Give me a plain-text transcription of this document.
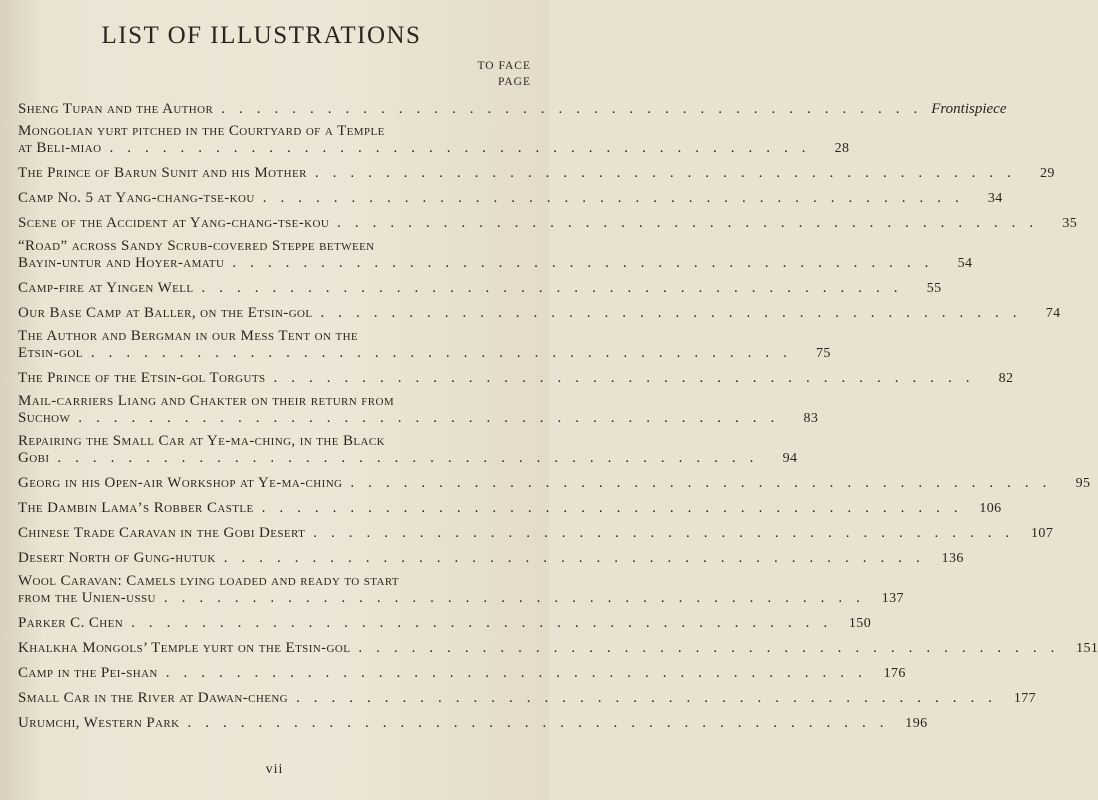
LIST OF ILLUSTRATIONS
TO FACE
PAGE
Sheng Tupan and the Author ........................................ Frontispiece
Mongolian yurt pitched in the Courtyard of a Temple
at Beli-miao ........................................	28
The Prince of Barun Sunit and his Mother ........................................	29
Camp No. 5 at Yang-chang-tse-kou ........................................	34
Scene of the Accident at Yang-chang-tse-kou ........................................	35
“Road” across Sandy Scrub-covered Steppe between
Bayin-untur and Hoyer-amatu ........................................	54
Camp-fire at Yingen Well ........................................	55
Our Base Camp at Baller, on the Etsin-gol ........................................	74
The Author and Bergman in our Mess Tent on the
Etsin-gol ........................................	75
The Prince of the Etsin-gol Torguts ........................................	82
Mail-carriers Liang and Chakter on their return from
Suchow ........................................	83
Repairing the Small Car at Ye-ma-ching, in the Black
Gobi ........................................	94
Georg in his Open-air Workshop at Ye-ma-ching ........................................	95
The Dambin Lama’s Robber Castle ........................................ 106
Chinese Trade Caravan in the Gobi Desert ........................................ 107
Desert North of Gung-hutuk ........................................ 136
Wool Caravan: Camels lying loaded and ready to start
from the Unien-ussu ........................................ 137
Parker C. Chen ........................................ 150
Khalkha Mongols’ Temple yurt on the Etsin-gol ........................................ 151
Camp in the Pei-shan ........................................ 176
Small Car in the River at Dawan-cheng ........................................ 177
Urumchi, Western Park ........................................ 196
vii
